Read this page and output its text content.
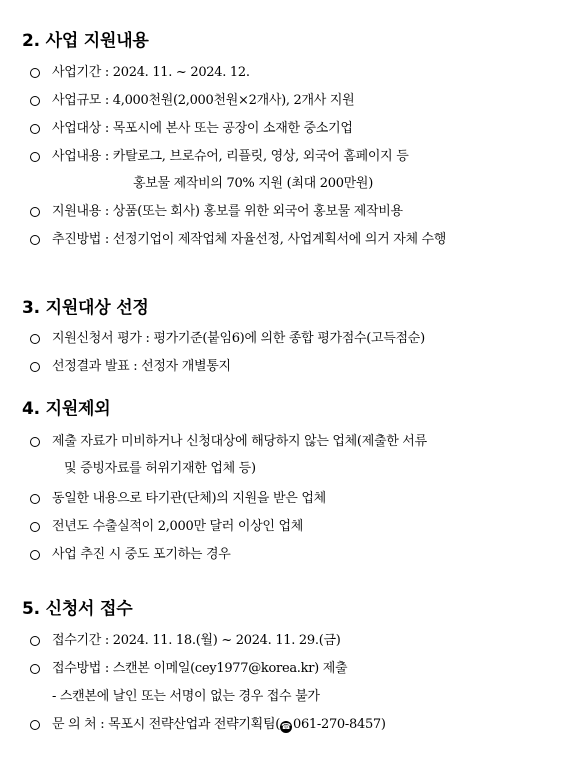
2. 사업 지원내용
사업기간 : 2024. 11. ~ 2024. 12.
사업규모 : 4,000천원(2,000천원×2개사), 2개사 지원
사업대상 : 목포시에 본사 또는 공장이 소재한 중소기업
사업내용 : 카탈로그, 브로슈어, 리플릿, 영상, 외국어 홈페이지 등
홍보물 제작비의 70% 지원 (최대 200만원)
지원내용 : 상품(또는 회사) 홍보를 위한 외국어 홍보물 제작비용
추진방법 : 선정기업이 제작업체 자율선정, 사업계획서에 의거 자체 수행
3. 지원대상 선정
지원신청서 평가 : 평가기준(붙임6)에 의한 종합 평가점수(고득점순)
선정결과 발표 : 선정자 개별통지
4. 지원제외
제출 자료가 미비하거나 신청대상에 해당하지 않는 업체(제출한 서류
및 증빙자료를 허위기재한 업체 등)
동일한 내용으로 타기관(단체)의 지원을 받은 업체
전년도 수출실적이 2,000만 달러 이상인 업체
사업 추진 시 중도 포기하는 경우
5. 신청서 접수
접수기간 : 2024. 11. 18.(월) ~ 2024. 11. 29.(금)
접수방법 : 스캔본 이메일(cey1977@korea.kr) 제출
- 스캔본에 날인 또는 서명이 없는 경우 접수 불가
문 의 처 : 목포시 전략산업과 전략기획팀(☎ 061-270-8457)
